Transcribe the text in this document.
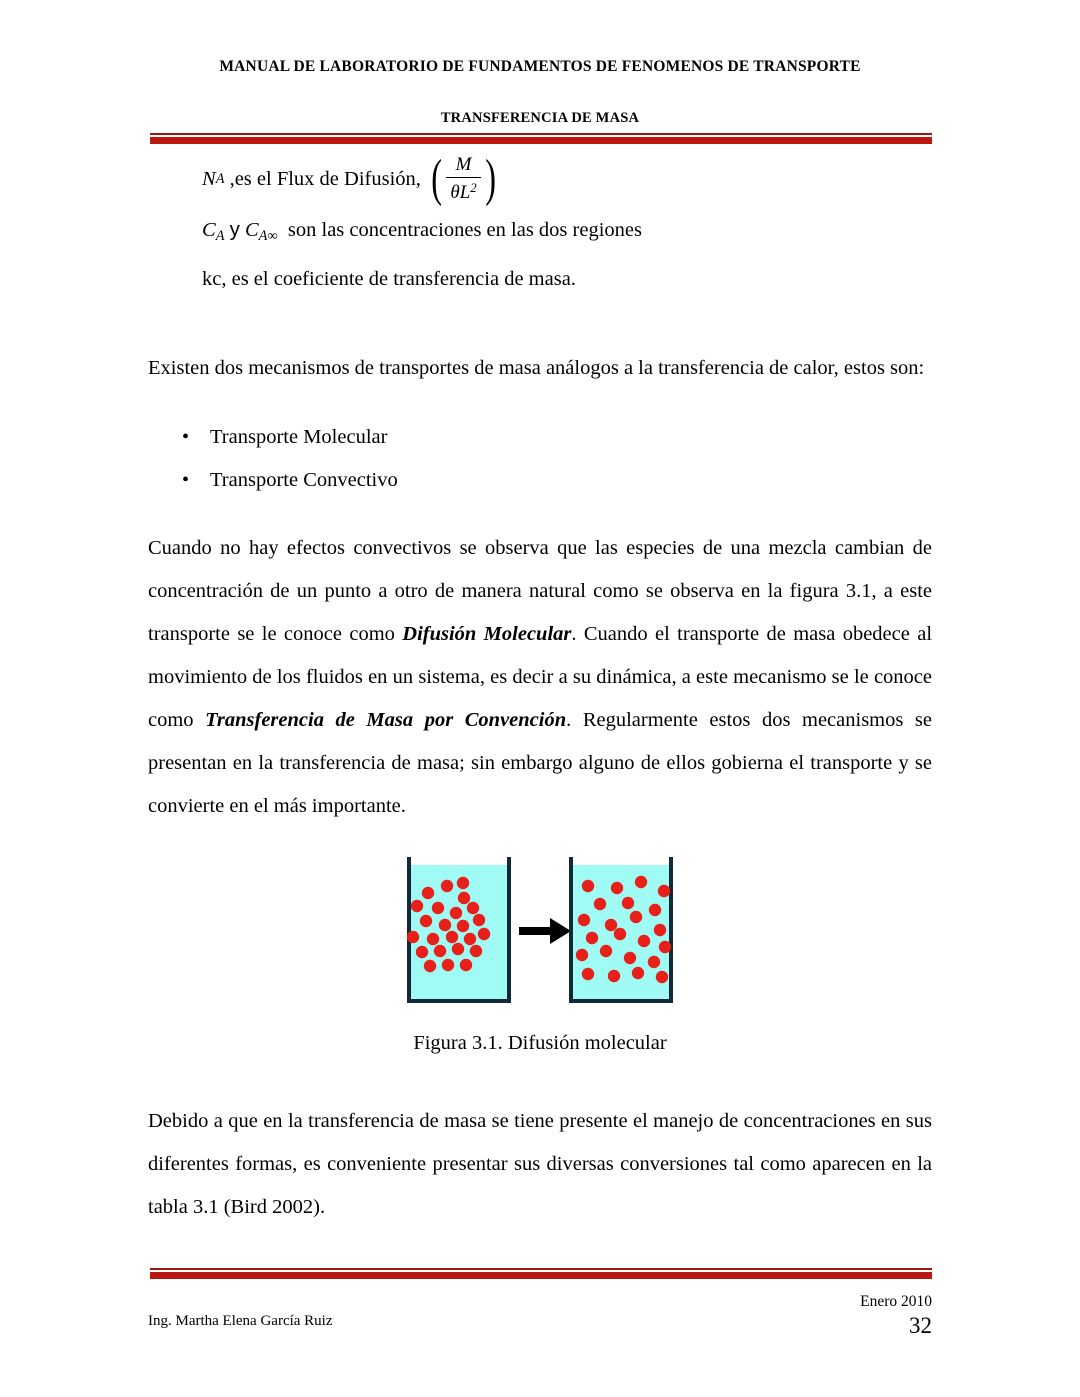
MANUAL DE LABORATORIO DE FUNDAMENTOS DE FENOMENOS DE TRANSPORTE
TRANSFERENCIA DE MASA
N A
,es el Flux de Difusión,
( $\frac{M}{\theta L^2}$ )
CA y CA∞ son las concentraciones en las dos regiones
kc, es el coeficiente de transferencia de masa.

Existen dos mecanismos de transportes de masa análogos a la transferencia de calor, estos son:

• Transporte Molecular
• Transporte Convectivo

Cuando no hay efectos convectivos se observa que las especies de una mezcla cambian de concentración de un punto a otro de manera natural como se observa en la figura 3.1, a este transporte se le conoce como Difusión Molecular. Cuando el transporte de masa obedece al movimiento de los fluidos en un sistema, es decir a su dinámica, a este mecanismo se le conoce como Transferencia de Masa por Convención. Regularmente estos dos mecanismos se presentan en la transferencia de masa; sin embargo alguno de ellos gobierna el transporte y se convierte en el más importante.

Figura 3.1. Difusión molecular

Debido a que en la transferencia de masa se tiene presente el manejo de concentraciones en sus diferentes formas, es conveniente presentar sus diversas conversiones tal como aparecen en la tabla 3.1 (Bird 2002).

Ing. Martha Elena García Ruiz
Enero 2010
32
